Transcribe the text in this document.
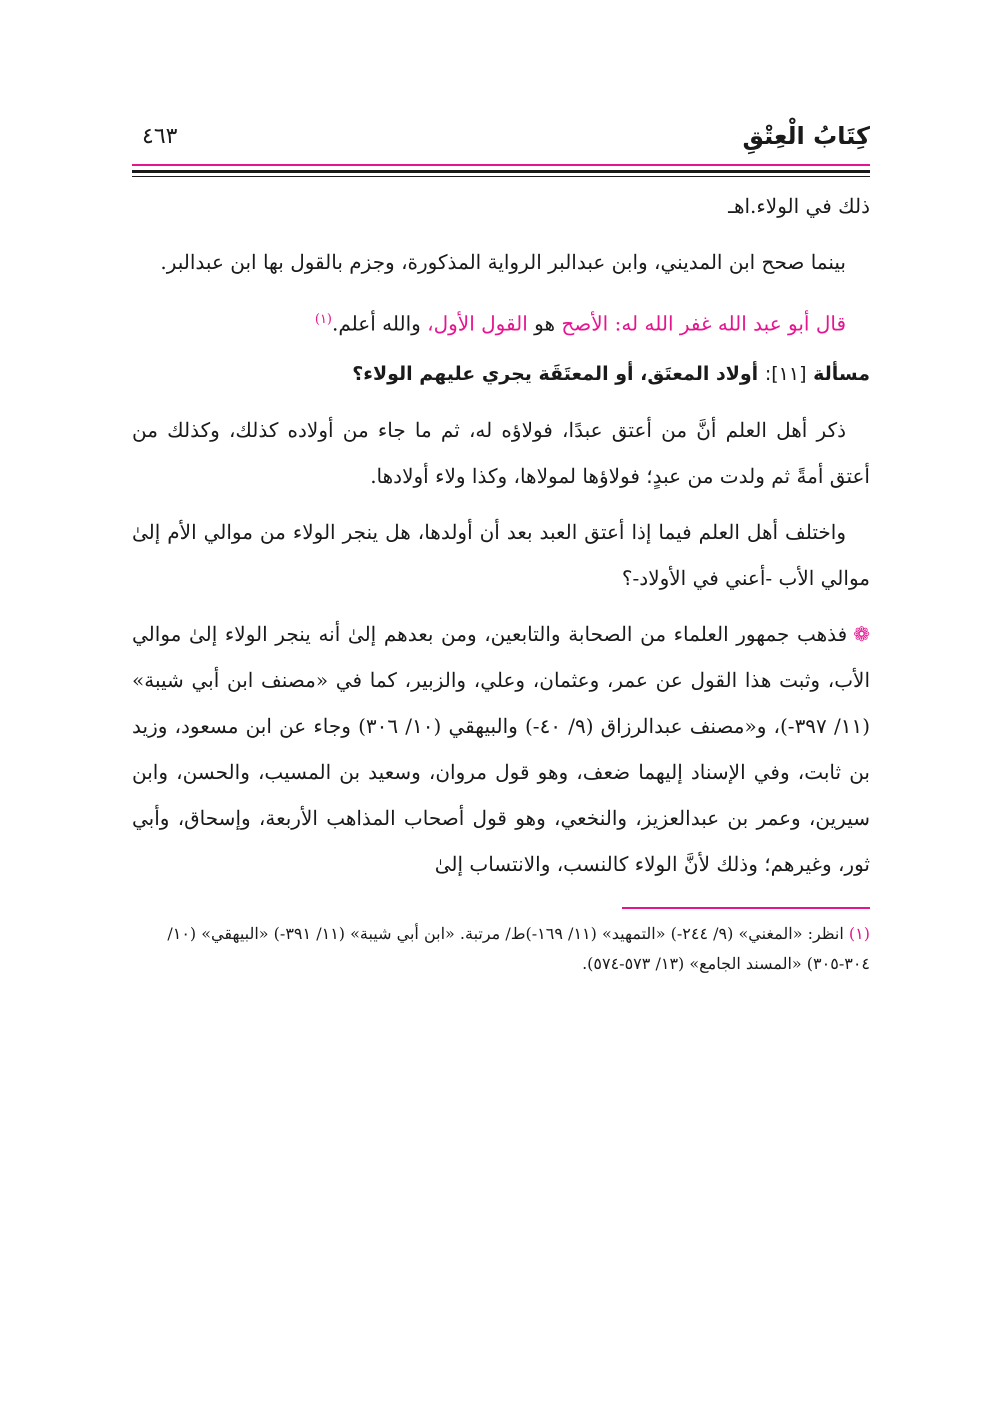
كِتَابُ الْعِتْقِ
٤٦٣

ذلك في الولاء.اهـ

بينما صحح ابن المديني، وابن عبدالبر الرواية المذكورة، وجزم بالقول بها ابن عبدالبر.

قال أبو عبد الله غفر الله له: الأصح هو القول الأول، والله أعلم.$^{(١)}$

مسألة [١١]: أولاد المعتَق، أو المعتَقَة يجري عليهم الولاء؟

ذكر أهل العلم أنَّ من أعتق عبدًا، فولاؤه له، ثم ما جاء من أولاده كذلك، وكذلك من أعتق أمةً ثم ولدت من عبدٍ؛ فولاؤها لمولاها، وكذا ولاء أولادها.

واختلف أهل العلم فيما إذا أعتق العبد بعد أن أولدها، هل ينجر الولاء من موالي الأم إلىٰ موالي الأب -أعني في الأولاد-؟

❁فذهب جمهور العلماء من الصحابة والتابعين، ومن بعدهم إلىٰ أنه ينجر الولاء إلىٰ موالي الأب، وثبت هذا القول عن عمر، وعثمان، وعلي، والزبير، كما في «مصنف ابن أبي شيبة» (١١/ ٣٩٧-)، و«مصنف عبدالرزاق (٩/ ٤٠-) والبيهقي (١٠/ ٣٠٦) وجاء عن ابن مسعود، وزيد بن ثابت، وفي الإسناد إليهما ضعف، وهو قول مروان، وسعيد بن المسيب، والحسن، وابن سيرين، وعمر بن عبدالعزيز، والنخعي، وهو قول أصحاب المذاهب الأربعة، وإسحاق، وأبي ثور، وغيرهم؛ وذلك لأنَّ الولاء كالنسب، والانتساب إلىٰ

(١) انظر: «المغني» (٩/ ٢٤٤-) «التمهيد» (١١/ ١٦٩-)ط/ مرتبة. «ابن أبي شيبة» (١١/ ٣٩١-) «البيهقي» (١٠/ ٣٠٤-٣٠٥) «المسند الجامع» (١٣/ ٥٧٣-٥٧٤).
